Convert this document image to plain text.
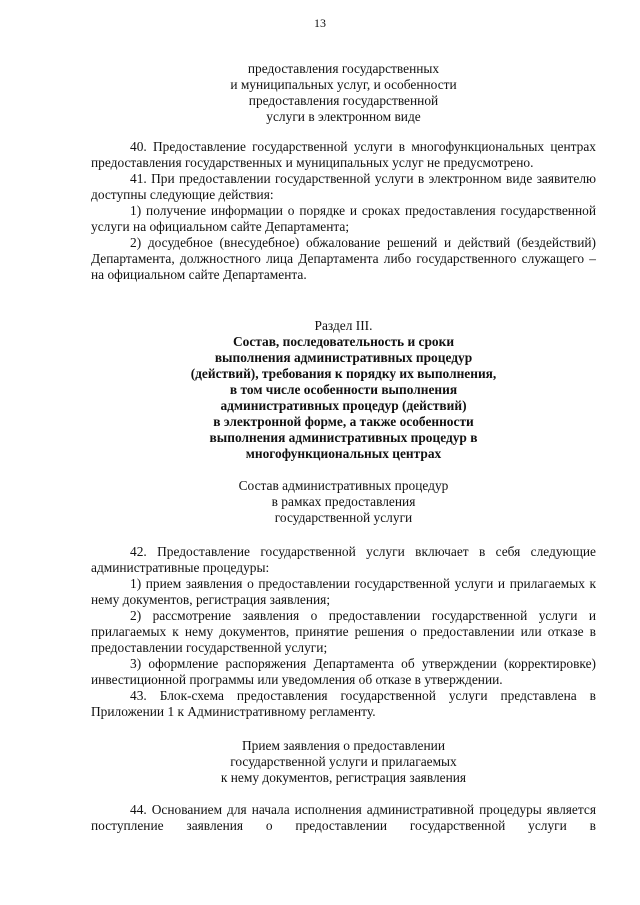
13
предоставления государственных
и муниципальных услуг, и особенности
предоставления государственной
услуги в электронном виде

40. Предоставление государственной услуги в многофункциональных центрах предоставления государственных и муниципальных услуг не предусмотрено.

41. При предоставлении государственной услуги в электронном виде заявителю доступны следующие действия:

1) получение информации о порядке и сроках предоставления государственной услуги на официальном сайте Департамента;

2) досудебное (внесудебное) обжалование решений и действий (бездействий) Департамента, должностного лица Департамента либо государственного служащего – на официальном сайте Департамента.

Раздел III.
Состав, последовательность и сроки
выполнения административных процедур
(действий), требования к порядку их выполнения,
в том числе особенности выполнения
административных процедур (действий)
в электронной форме, а также особенности
выполнения административных процедур в
многофункциональных центрах
Состав административных процедур
в рамках предоставления
государственной услуги

42. Предоставление государственной услуги включает в себя следующие административные процедуры:

1) прием заявления о предоставлении государственной услуги и прилагаемых к нему документов, регистрация заявления;

2) рассмотрение заявления о предоставлении государственной услуги и прилагаемых к нему документов, принятие решения о предоставлении или отказе в предоставлении государственной услуги;

3) оформление распоряжения Департамента об утверждении (корректировке) инвестиционной программы или уведомления об отказе в утверждении.

43. Блок-схема предоставления государственной услуги представлена в Приложении 1 к Административному регламенту.

Прием заявления о предоставлении
государственной услуги и прилагаемых
к нему документов, регистрация заявления

44. Основанием для начала исполнения административной процедуры является поступление заявления о предоставлении государственной услуги в
